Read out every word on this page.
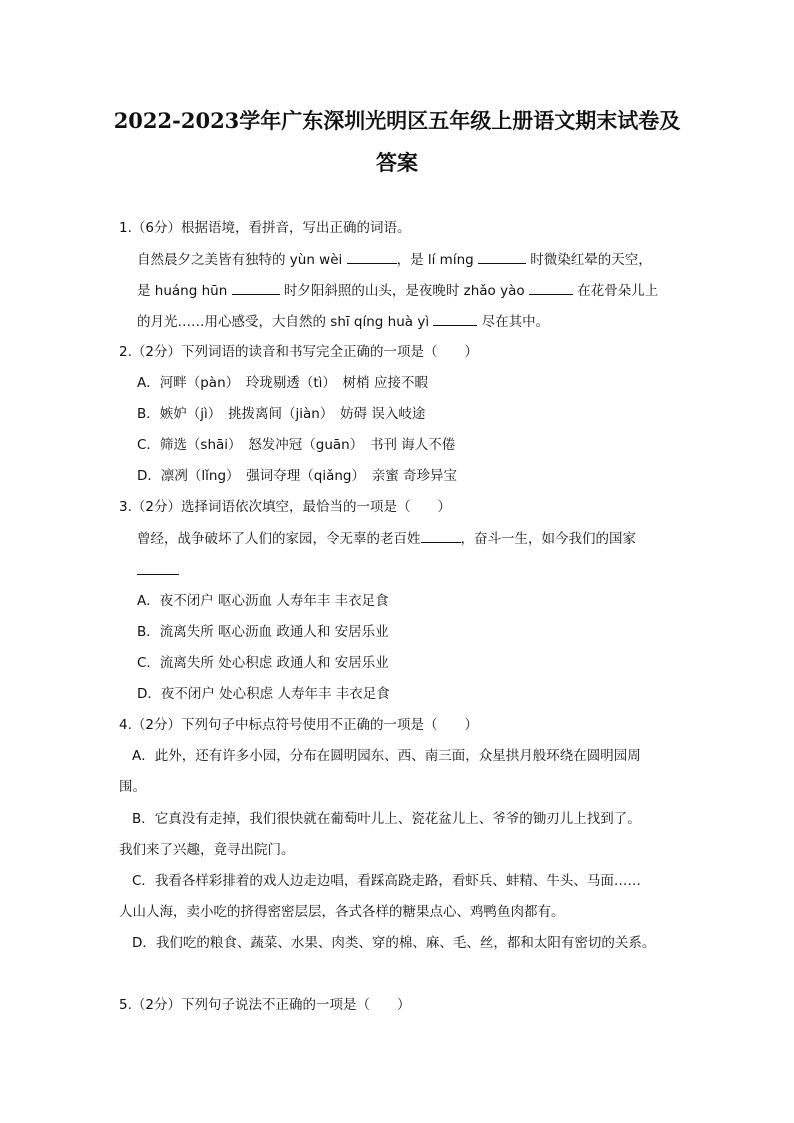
2022-2023学年广东深圳光明区五年级上册语文期末试卷及答案
1.（6分）根据语境，看拼音，写出正确的词语。
自然晨夕之美皆有独特的 yùn wèi	，是 lí míng	时微染红晕的天空，
是 huáng hūn	时夕阳斜照的山头，是夜晚时 zhǎo yào	在花骨朵儿上
的月光……用心感受，大自然的 shī qíng huà yì	尽在其中。
2.（2分）下列词语的读音和书写完全正确的一项是（　　）
A．河畔（pàn）　玲珑剔透（tì）　树梢 应接不暇
B．嫉妒（jì）　挑拨离间（jiàn）　妨碍 误入岐途
C．筛选（shāi）　怒发冲冠（guān）　书刊 诲人不倦
D．凛冽（lǐng）　强词夺理（qiǎng）　亲蜜 奇珍异宝
3.（2分）选择词语依次填空，最恰当的一项是（　　）
曾经，战争破坏了人们的家园，令无辜的老百姓	，奋斗一生，如今我们的国家
A．夜不闭户 呕心沥血 人寿年丰 丰衣足食
B．流离失所 呕心沥血 政通人和 安居乐业
C．流离失所 处心积虑 政通人和 安居乐业
D．夜不闭户 处心积虑 人寿年丰 丰衣足食
4.（2分）下列句子中标点符号使用不正确的一项是（　　）
A．此外，还有许多小园，分布在圆明园东、西、南三面，众星拱月般环绕在圆明园周
围。
B．它真没有走掉，我们很快就在葡萄叶儿上、瓷花盆儿上、爷爷的锄刃儿上找到了。
我们来了兴趣，竟寻出院门。
C．我看各样彩排着的戏人边走边唱，看踩高跷走路，看虾兵、蚌精、牛头、马面……
人山人海，卖小吃的挤得密密层层，各式各样的糖果点心、鸡鸭鱼肉都有。
D．我们吃的粮食、蔬菜、水果、肉类、穿的棉、麻、毛、丝，都和太阳有密切的关系。
5.（2分）下列句子说法不正确的一项是（　　）
